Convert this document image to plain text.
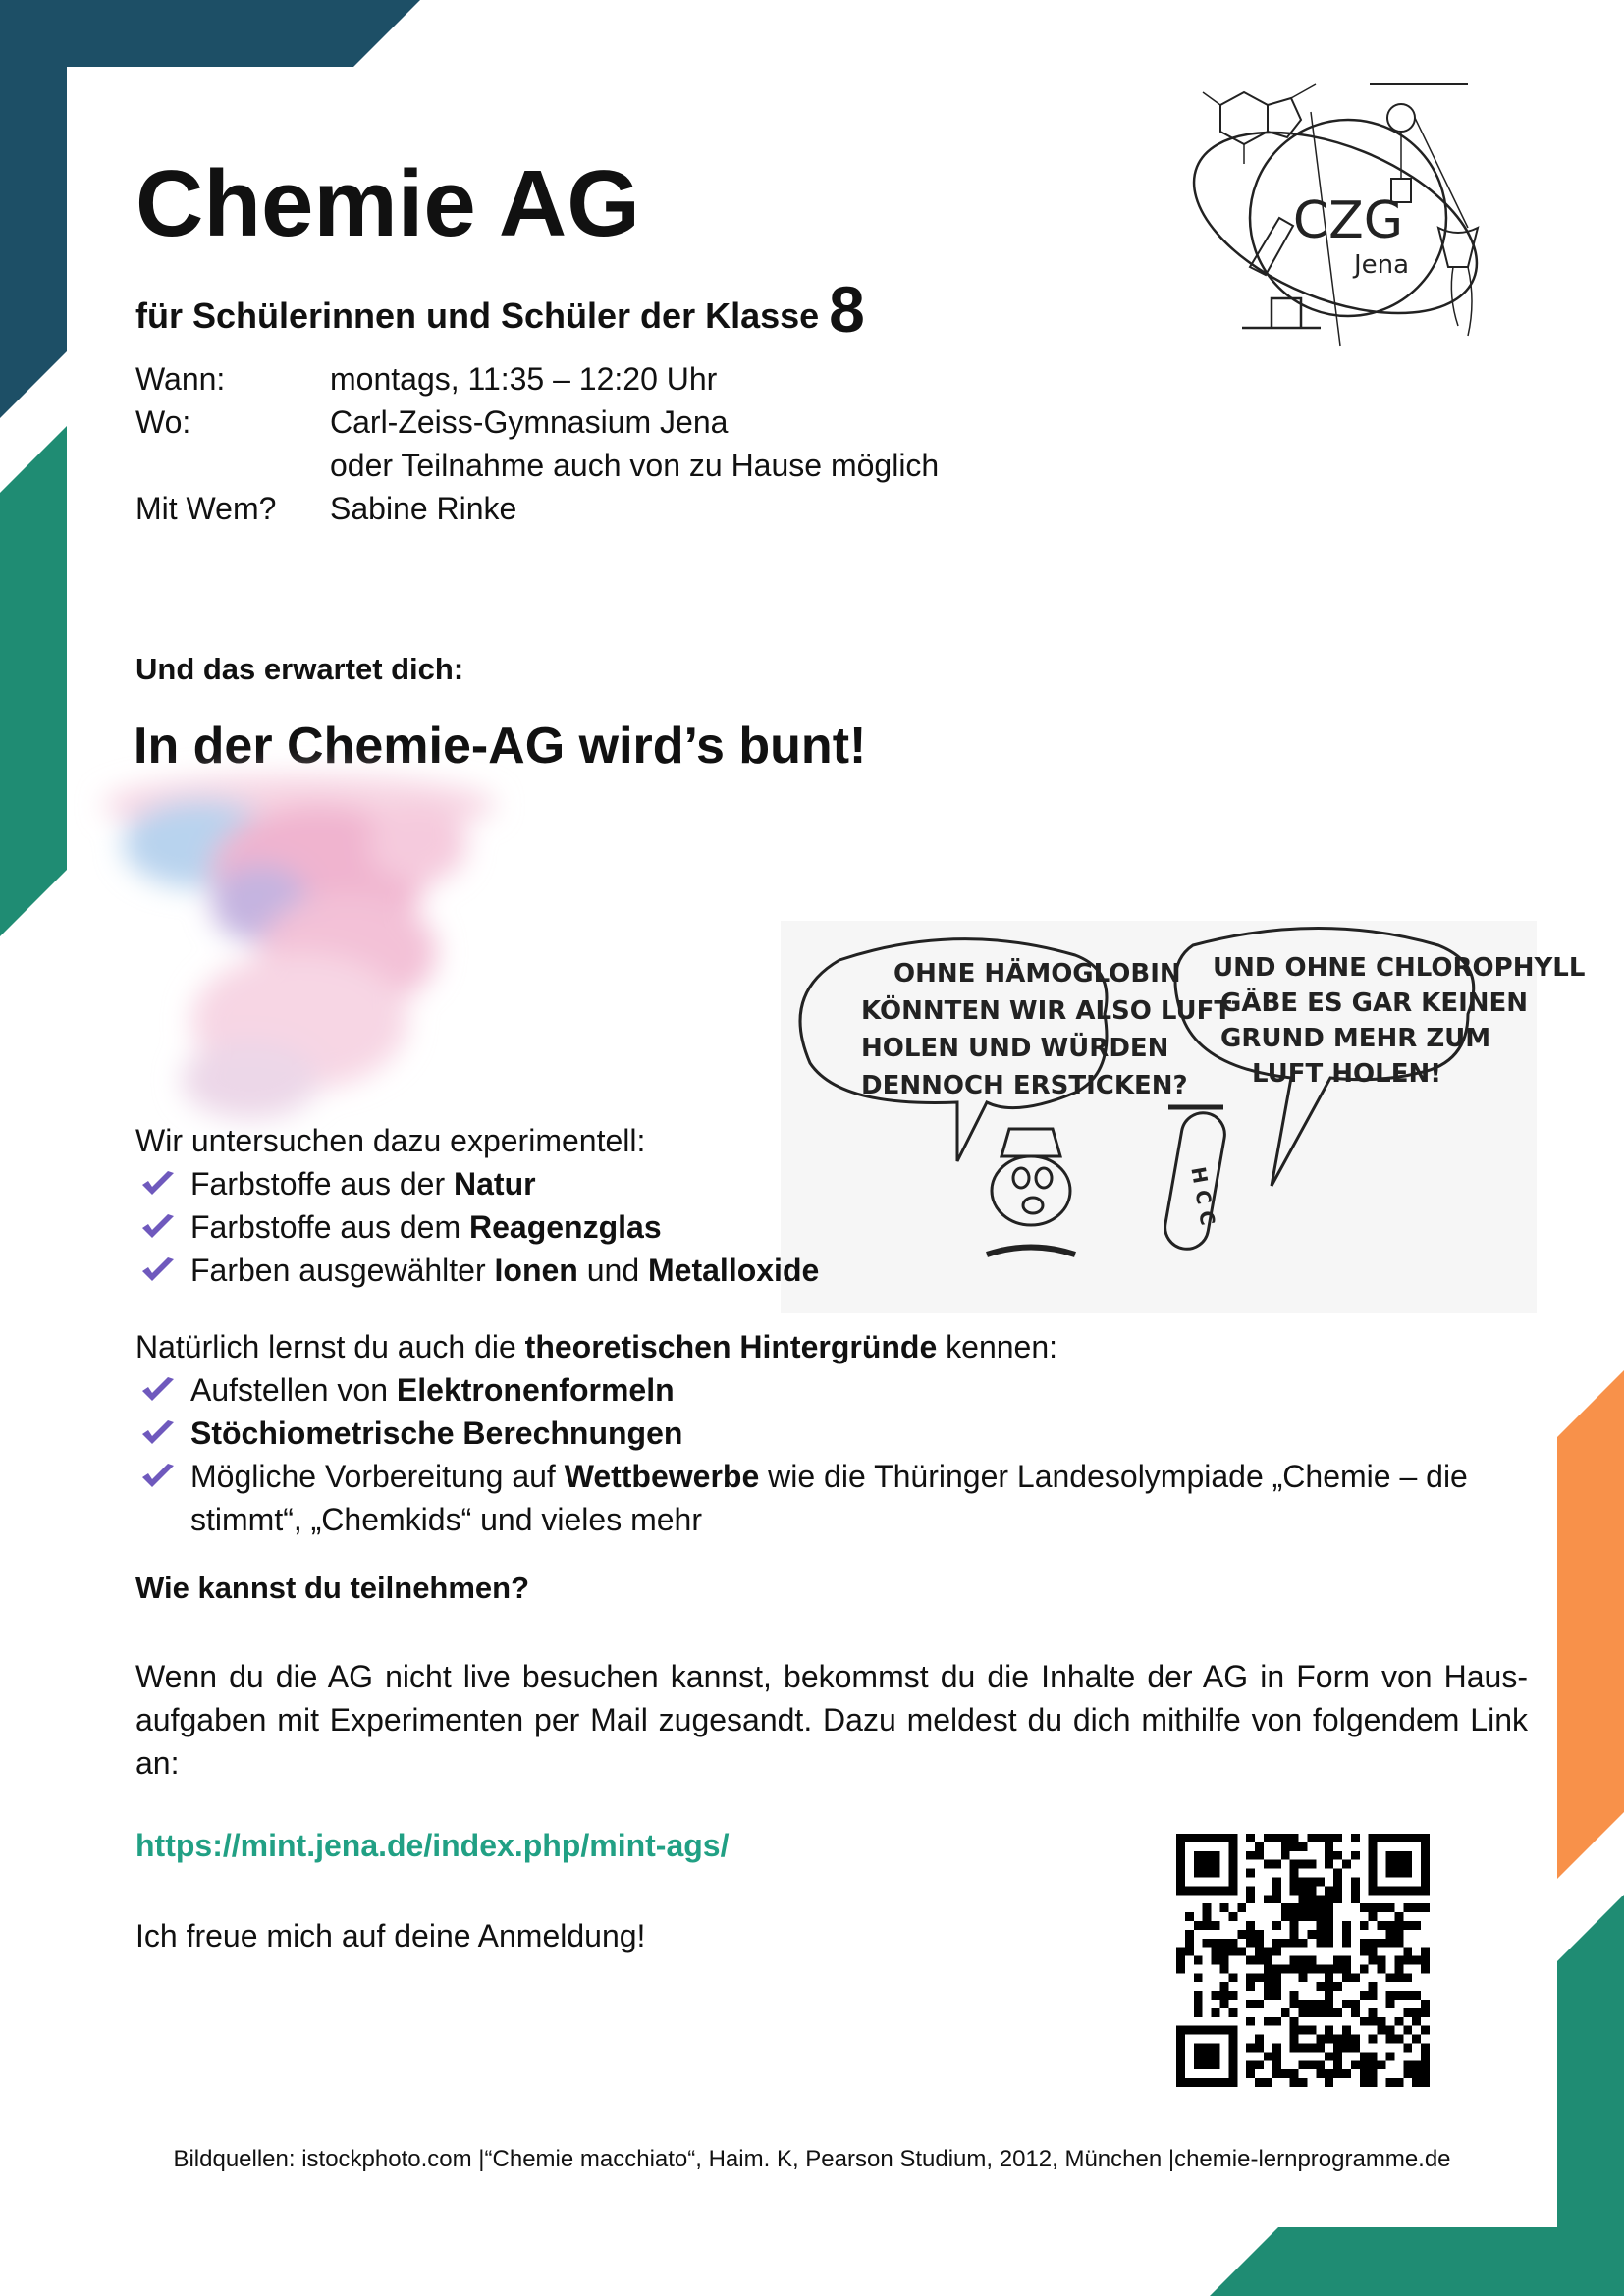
CZG
Jena
Chemie AG
für Schülerinnen und Schüler der Klasse 8
Wann:	montags, 11:35 – 12:20 Uhr
Wo:	Carl-Zeiss-Gymnasium Jena
oder Teilnahme auch von zu Hause möglich
Mit Wem?	Sabine Rinke
Und das erwartet dich:
In der Chemie-AG wird’s bunt!
OHNE HÄMOGLOBIN
KÖNNTEN WIR ALSO LUFT
HOLEN UND WÜRDEN
DENNOCH ERSTICKEN?
UND OHNE CHLOROPHYLL
GÄBE ES GAR KEINEN
GRUND MEHR ZUM
LUFT HOLEN!
H C C
Wir untersuchen dazu experimentell:
Farbstoffe aus der Natur
Farbstoffe aus dem Reagenzglas
Farben ausgewählter Ionen und Metalloxide
Natürlich lernst du auch die theoretischen Hintergründe kennen:
Aufstellen von Elektronenformeln
Stöchiometrische Berechnungen
Mögliche Vorbereitung auf Wettbewerbe wie die Thüringer Landesolympiade „Chemie – die stimmt“, „Chemkids“ und vieles mehr
Wie kannst du teilnehmen?
Wenn du die AG nicht live besuchen kannst, bekommst du die Inhalte der AG in Form von Haus-aufgaben mit Experimenten per Mail zugesandt. Dazu meldest du dich mithilfe von folgendem Link an:
https://mint.jena.de/index.php/mint-ags/
Ich freue mich auf deine Anmeldung!
Bildquellen: istockphoto.com |“Chemie macchiato“, Haim. K, Pearson Studium, 2012, München |chemie-lernprogramme.de
